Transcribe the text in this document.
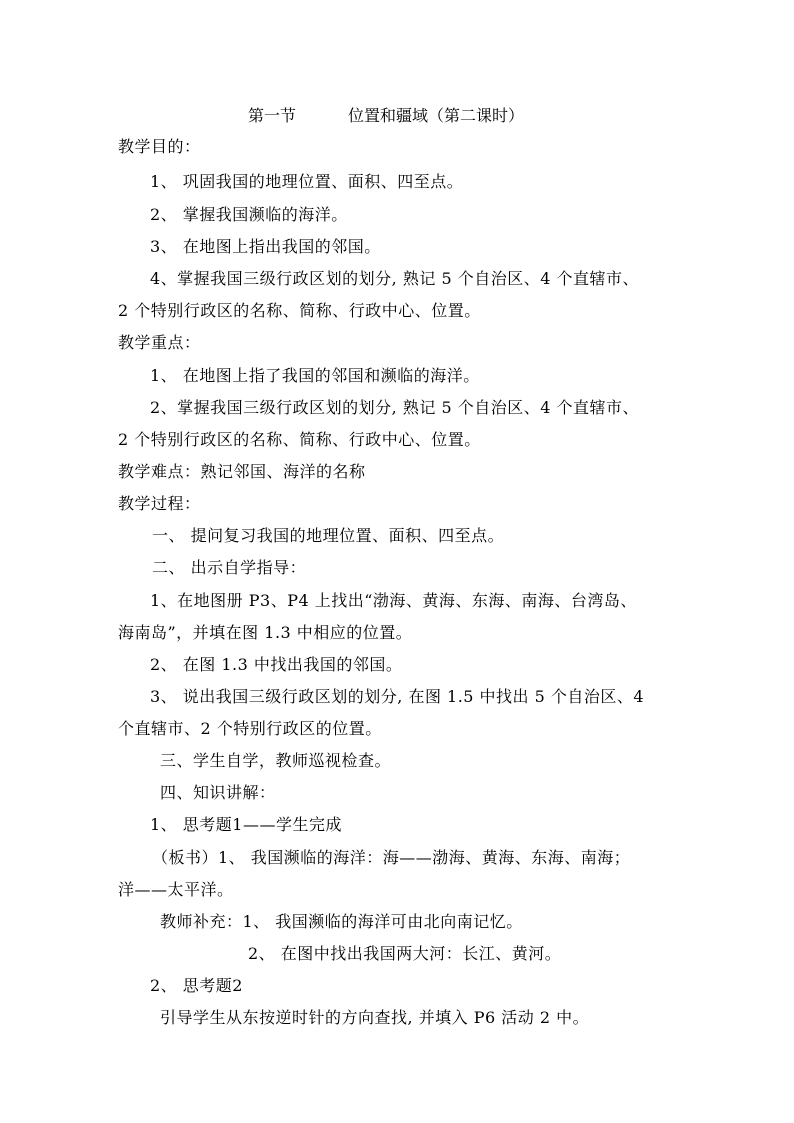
第一节	位置和疆域（第二课时）
教学目的：
1、 巩固我国的地理位置、面积、四至点。
2、 掌握我国濒临的海洋。
3、 在地图上指出我国的邻国。
4、掌握我国三级行政区划的划分, 熟记 5 个自治区、4 个直辖市、
2 个特别行政区的名称、简称、行政中心、位置。
教学重点：
1、 在地图上指了我国的邻国和濒临的海洋。
2、掌握我国三级行政区划的划分, 熟记 5 个自治区、4 个直辖市、
2 个特别行政区的名称、简称、行政中心、位置。
教学难点：熟记邻国、海洋的名称
教学过程：
一、 提问复习我国的地理位置、面积、四至点。
二、 出示自学指导：
1、在地图册 P3、P4 上找出“渤海、黄海、东海、南海、台湾岛、
海南岛”，并填在图 1.3 中相应的位置。
2、 在图 1.3 中找出我国的邻国。
3、 说出我国三级行政区划的划分, 在图 1.5 中找出 5 个自治区、4
个直辖市、2 个特别行政区的位置。
三、学生自学，教师巡视检查。
四、知识讲解：
1、 思考题1——学生完成
（板书）1、 我国濒临的海洋：海——渤海、黄海、东海、南海；
洋——太平洋。
教师补充：1、 我国濒临的海洋可由北向南记忆。
2、 在图中找出我国两大河：长江、黄河。
2、 思考题2
引导学生从东按逆时针的方向查找, 并填入 P6 活动 2 中。
